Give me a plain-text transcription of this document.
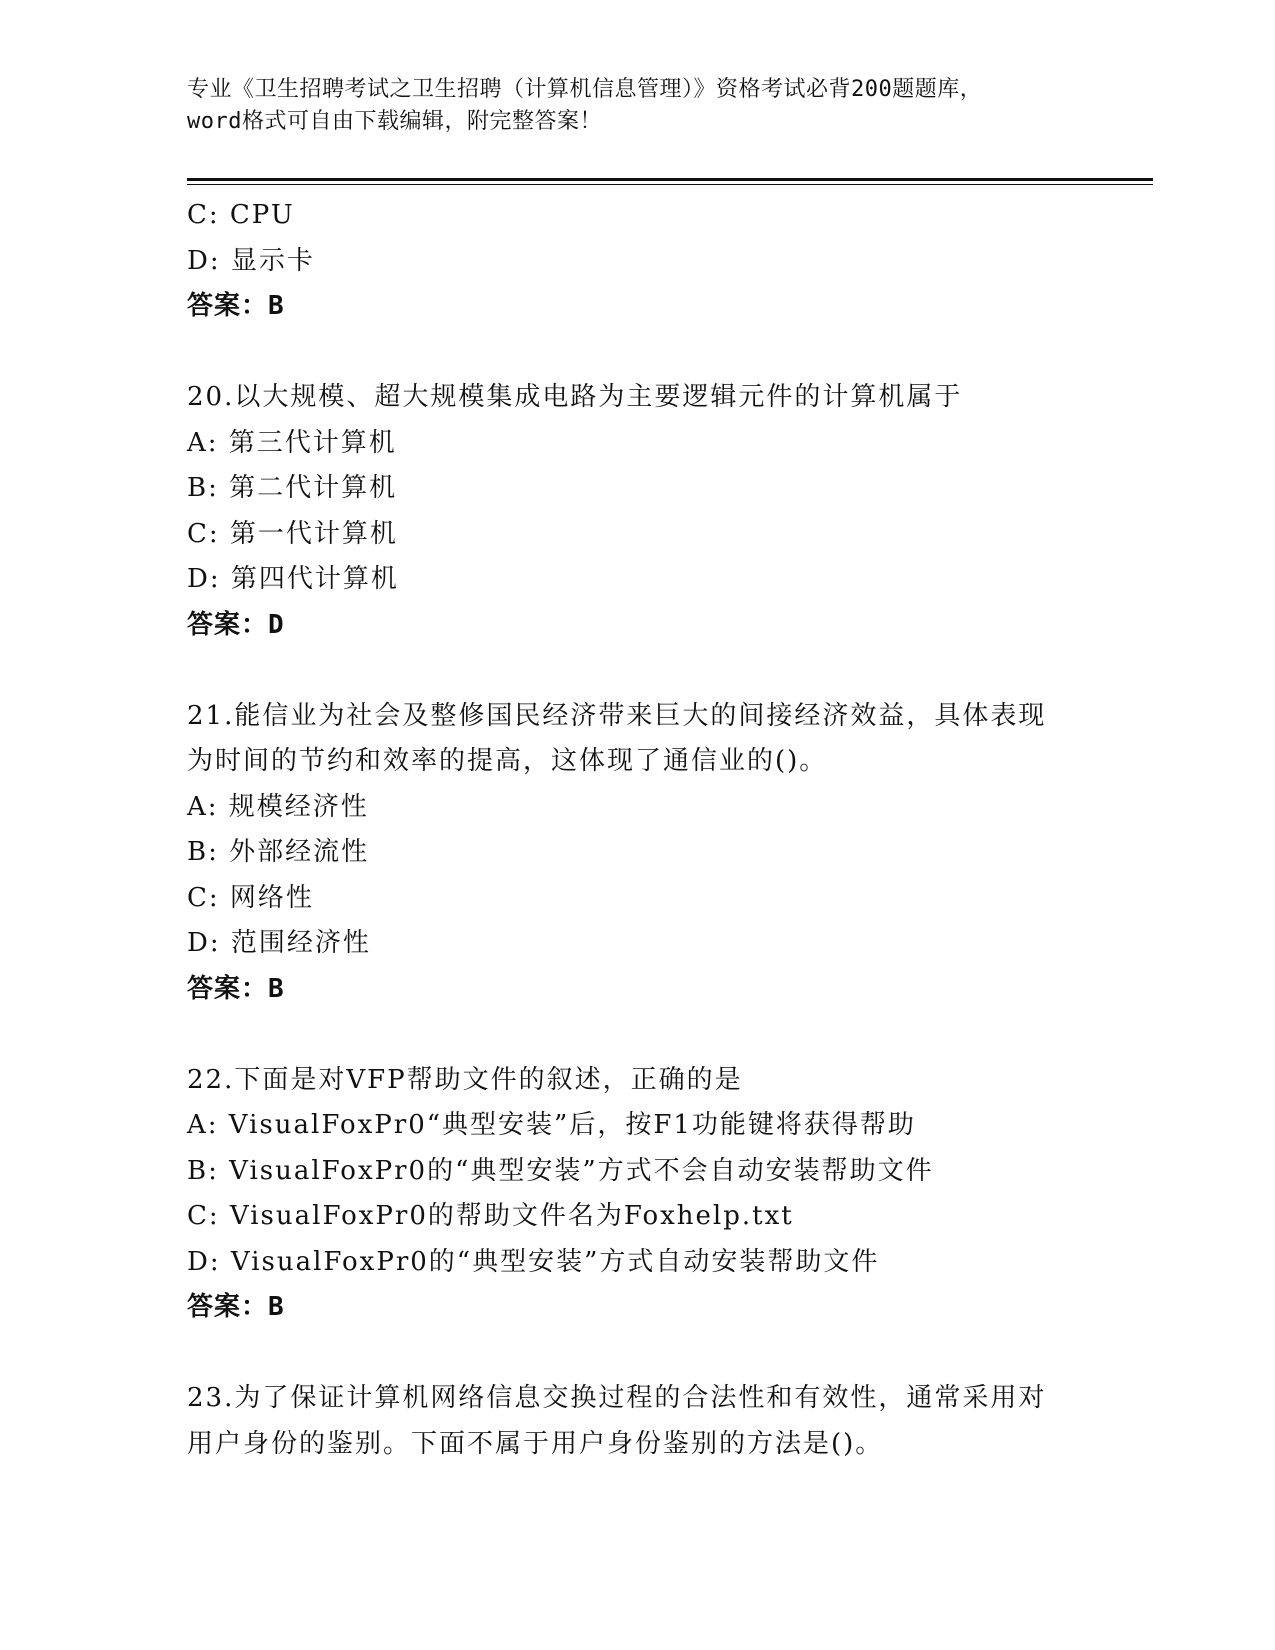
专业《卫生招聘考试之卫生招聘（计算机信息管理）》资格考试必背200题题库，
word格式可自由下载编辑，附完整答案！
C: CPU
D: 显示卡
答案：B
20.以大规模、超大规模集成电路为主要逻辑元件的计算机属于
A: 第三代计算机
B: 第二代计算机
C: 第一代计算机
D: 第四代计算机
答案：D
21.能信业为社会及整修国民经济带来巨大的间接经济效益，具体表现
为时间的节约和效率的提高，这体现了通信业的()。
A: 规模经济性
B: 外部经流性
C: 网络性
D: 范围经济性
答案：B
22.下面是对VFP帮助文件的叙述，正确的是
A: VisualFoxPr0“典型安装”后，按F1功能键将获得帮助
B: VisualFoxPr0的“典型安装”方式不会自动安装帮助文件
C: VisualFoxPr0的帮助文件名为Foxhelp.txt
D: VisualFoxPr0的“典型安装”方式自动安装帮助文件
答案：B
23.为了保证计算机网络信息交换过程的合法性和有效性，通常采用对
用户身份的鉴别。下面不属于用户身份鉴别的方法是()。
